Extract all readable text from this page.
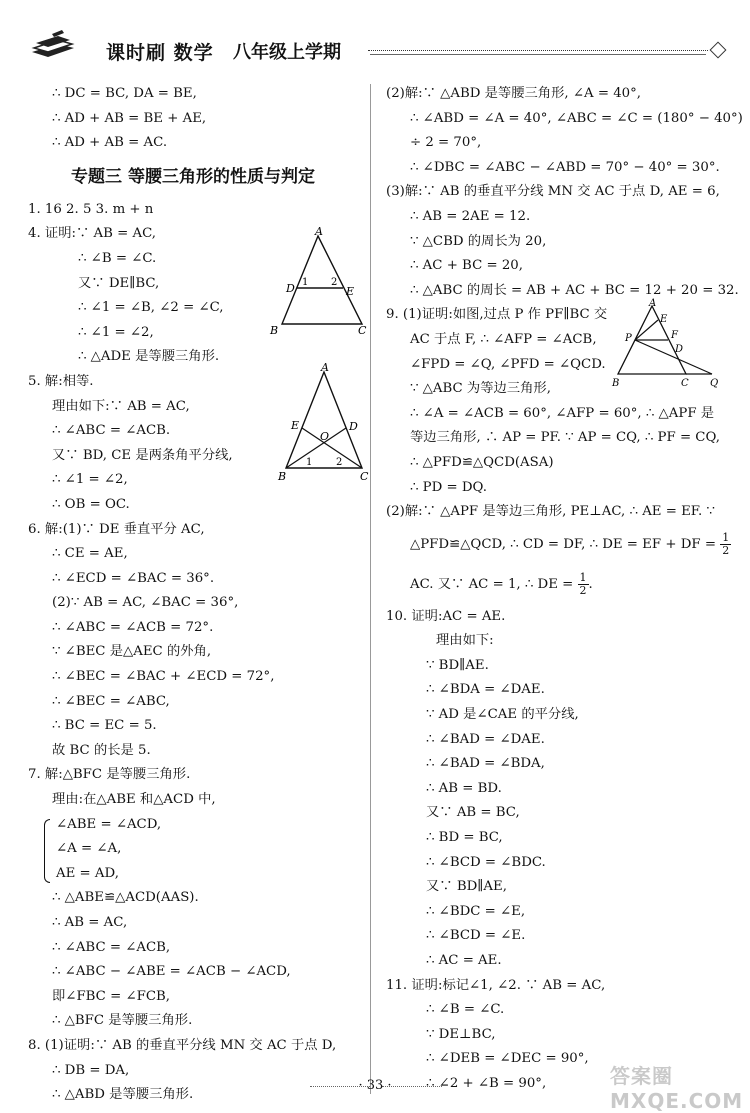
课时刷 数学 八年级上学期
∴ DC = BC, DA = BE,
∴ AD + AB = BE + AE,
∴ AD + AB = AC.
专题三 等腰三角形的性质与判定
1. 16 2. 5 3. m + n
4. 证明:∵ AB = AC,
∴ ∠B = ∠C.
又∵ DE∥BC,
∴ ∠1 = ∠B, ∠2 = ∠C,
∴ ∠1 = ∠2,
∴ △ADE 是等腰三角形.
5. 解:相等.
理由如下:∵ AB = AC,
∴ ∠ABC = ∠ACB.
又∵ BD, CE 是两条角平分线,
∴ ∠1 = ∠2,
∴ OB = OC.
6. 解:(1)∵ DE 垂直平分 AC,
∴ CE = AE,
∴ ∠ECD = ∠BAC = 36°.
(2)∵ AB = AC, ∠BAC = 36°,
∴ ∠ABC = ∠ACB = 72°.
∵ ∠BEC 是△AEC 的外角,
∴ ∠BEC = ∠BAC + ∠ECD = 72°,
∴ ∠BEC = ∠ABC,
∴ BC = EC = 5.
故 BC 的长是 5.
7. 解:△BFC 是等腰三角形.
理由:在△ABE 和△ACD 中,
∠ABE = ∠ACD,
∠A = ∠A,
AE = AD,
∴ △ABE≌△ACD(AAS).
∴ AB = AC,
∴ ∠ABC = ∠ACB,
∴ ∠ABC − ∠ABE = ∠ACB − ∠ACD,
即∠FBC = ∠FCB,
∴ △BFC 是等腰三角形.
8. (1)证明:∵ AB 的垂直平分线 MN 交 AC 于点 D,
∴ DB = DA,
∴ △ABD 是等腰三角形.
A
D	E
B	C
1 2
A
E	D
O
B	C
1 2
(2)解:∵ △ABD 是等腰三角形, ∠A = 40°,
∴ ∠ABD = ∠A = 40°, ∠ABC = ∠C = (180° − 40°)
÷ 2 = 70°,
∴ ∠DBC = ∠ABC − ∠ABD = 70° − 40° = 30°.
(3)解:∵ AB 的垂直平分线 MN 交 AC 于点 D, AE = 6,
∴ AB = 2AE = 12.
∵ △CBD 的周长为 20,
∴ AC + BC = 20,
∴ △ABC 的周长 = AB + AC + BC = 12 + 20 = 32.
9. (1)证明:如图,过点 P 作 PF∥BC 交
AC 于点 F, ∴ ∠AFP = ∠ACB,
∠FPD = ∠Q, ∠PFD = ∠QCD.
∵ △ABC 为等边三角形,
∴ ∠A = ∠ACB = 60°, ∠AFP = 60°, ∴ △APF 是
等边三角形, ∴ AP = PF. ∵ AP = CQ, ∴ PF = CQ,
∴ △PFD≌△QCD(ASA)
∴ PD = DQ.
(2)解:∵ △APF 是等边三角形, PE⊥AC, ∴ AE = EF. ∵
△PFD≌△QCD, ∴ CD = DF, ∴ DE = EF + DF = $\frac{1}{2}$
AC. 又∵ AC = 1, ∴ DE = $\frac{1}{2}$ .
10. 证明:AC = AE.
理由如下:
∵ BD∥AE.
∴ ∠BDA = ∠DAE.
∵ AD 是∠CAE 的平分线,
∴ ∠BAD = ∠DAE.
∴ ∠BAD = ∠BDA,
∴ AB = BD.
又∵ AB = BC,
∴ BD = BC,
∴ ∠BCD = ∠BDC.
又∵ BD∥AE,
∴ ∠BDC = ∠E,
∴ ∠BCD = ∠E.
∴ AC = AE.
11. 证明:标记∠1, ∠2. ∵ AB = AC,
∴ ∠B = ∠C.
∵ DE⊥BC,
∴ ∠DEB = ∠DEC = 90°,
∴ ∠2 + ∠B = 90°,
A
P
E
F
D
B	C Q
· 33 ·	答案圈 MXQE.COM
